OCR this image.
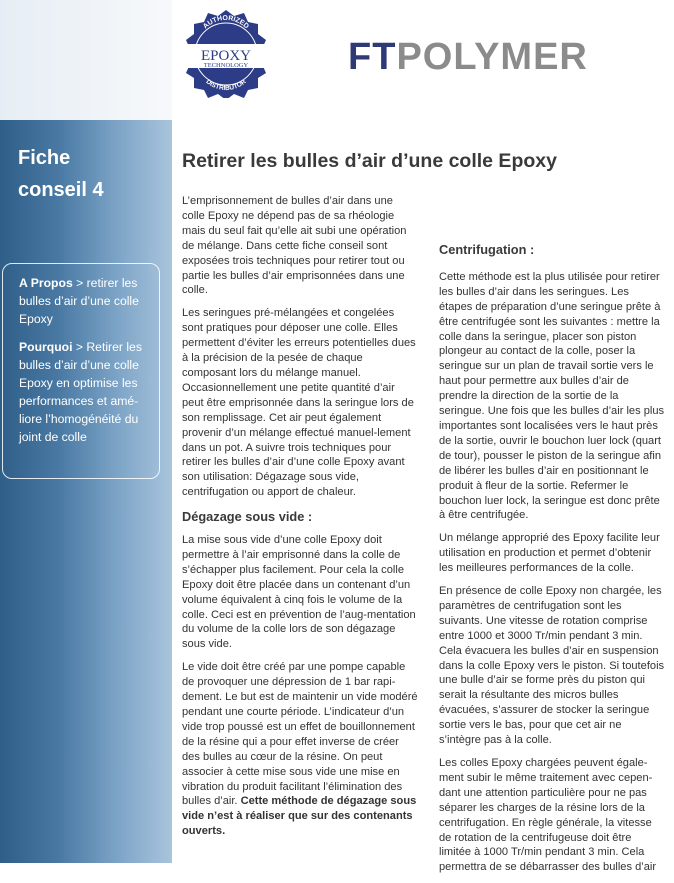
Fiche
conseil 4

A Propos > retirer les bulles d’air d’une colle Epoxy

Pourquoi > Retirer les bulles d’air d’une colle Epoxy en optimise les performances et amé-liore l’homogénéité du joint de colle

AUTHORIZED
DISTRIBUTOR
EPOXY
TECHNOLOGY	FTPOLYMER
Retirer les bulles d’air d’une colle Epoxy

L’emprisonnement de bulles d’air dans une colle Epoxy ne dépend pas de sa rhéologie mais du seul fait qu’elle ait subi une opération de mélange. Dans cette fiche conseil sont exposées trois techniques pour retirer tout ou partie les bulles d’air emprisonnées dans une colle.

Les seringues pré-mélangées et congelées sont pratiques pour déposer une colle. Elles permettent d’éviter les erreurs potentielles dues à la précision de la pesée de chaque composant lors du mélange manuel. Occasionnellement une petite quantité d’air peut être emprisonnée dans la seringue lors de son remplissage. Cet air peut également provenir d’un mélange effectué manuel-lement dans un pot. A suivre trois techniques pour retirer les bulles d’air d’une colle Epoxy avant son utilisation: Dégazage sous vide, centrifugation ou apport de chaleur.

Dégazage sous vide :

La mise sous vide d’une colle Epoxy doit permettre à l’air emprisonné dans la colle de s’échapper plus facilement. Pour cela la colle Epoxy doit être placée dans un contenant d’un volume équivalent à cinq fois le volume de la colle. Ceci est en prévention de l’aug-mentation du volume de la colle lors de son dégazage sous vide.

Le vide doit être créé par une pompe capable de provoquer une dépression de 1 bar rapi-dement. Le but est de maintenir un vide modéré pendant une courte période. L’indicateur d’un vide trop poussé est un effet de bouillonnement de la résine qui a pour effet inverse de créer des bulles au cœur de la résine. On peut associer à cette mise sous vide une mise en vibration du produit facilitant l’élimination des bulles d’air. Cette méthode de dégazage sous vide n’est à réaliser que sur des contenants ouverts.

Centrifugation :

Cette méthode est la plus utilisée pour retirer les bulles d’air dans les seringues. Les étapes de préparation d’une seringue prête à être centrifugée sont les suivantes : mettre la colle dans la seringue, placer son piston plongeur au contact de la colle, poser la seringue sur un plan de travail sortie vers le haut pour permettre aux bulles d’air de prendre la direction de la sortie de la seringue. Une fois que les bulles d’air les plus importantes sont localisées vers le haut près de la sortie, ouvrir le bouchon luer lock (quart de tour), pousser le piston de la seringue afin de libérer les bulles d’air en positionnant le produit à fleur de la sortie. Refermer le bouchon luer lock, la seringue est donc prête à être centrifugée.

Un mélange approprié des Epoxy facilite leur utilisation en production et permet d’obtenir les meilleures performances de la colle.

En présence de colle Epoxy non chargée, les paramètres de centrifugation sont les suivants. Une vitesse de rotation comprise entre 1000 et 3000 Tr/min pendant 3 min. Cela évacuera les bulles d’air en suspension dans la colle Epoxy vers le piston. Si toutefois une bulle d’air se forme près du piston qui serait la résultante des micros bulles évacuées, s’assurer de stocker la seringue sortie vers le bas, pour que cet air ne s’intègre pas à la colle.

Les colles Epoxy chargées peuvent égale-ment subir le même traitement avec cepen-dant une attention particulière pour ne pas séparer les charges de la résine lors de la centrifugation. En règle générale, la vitesse de rotation de la centrifugeuse doit être limitée à 1000 Tr/min pendant 3 min. Cela permettra de se débarrasser des bulles d’air
